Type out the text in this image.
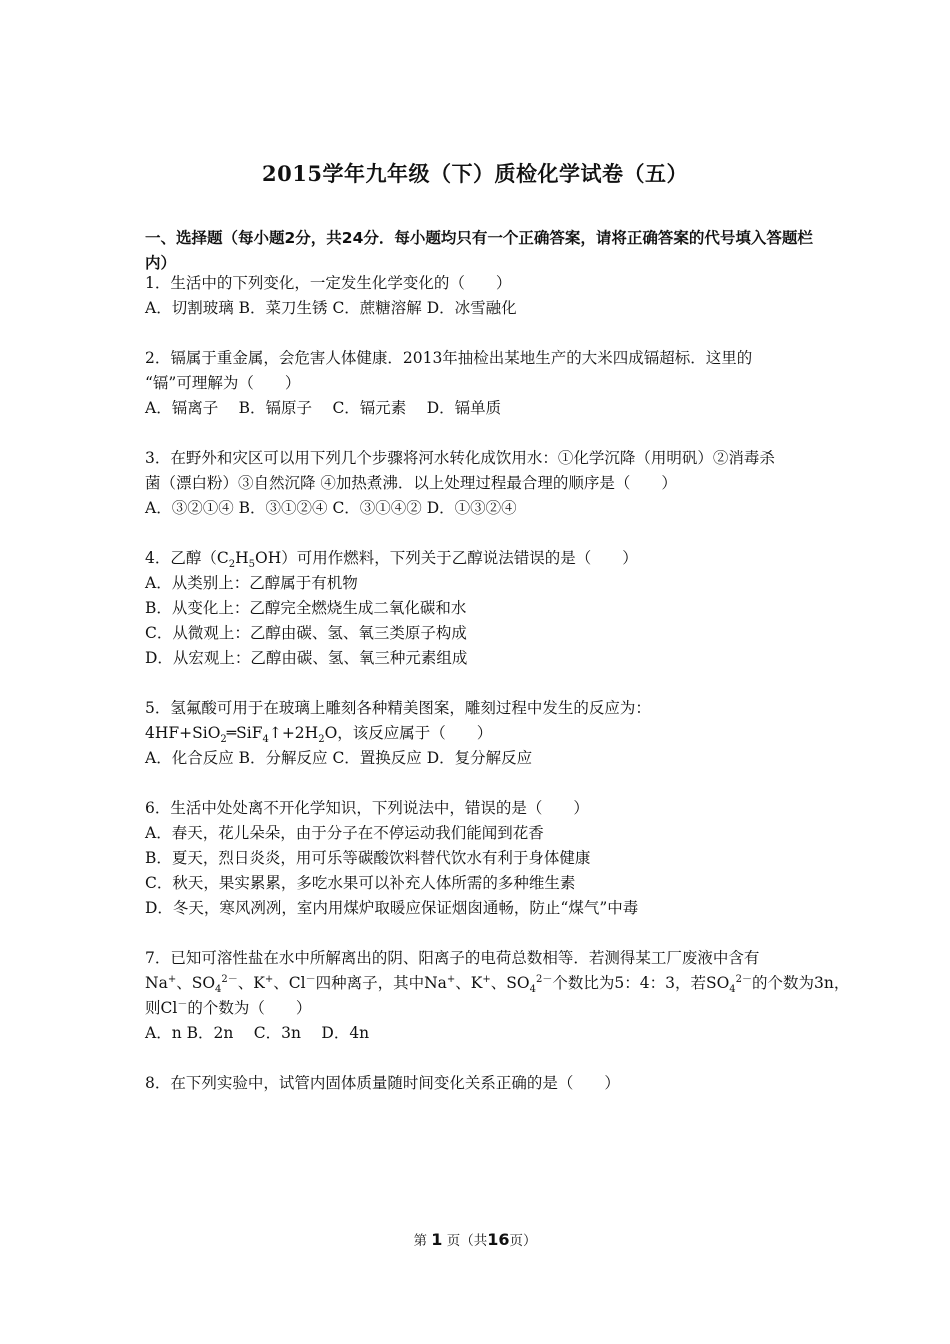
2015学年九年级（下）质检化学试卷（五）
一、选择题（每小题2分，共24分．每小题均只有一个正确答案，请将正确答案的代号填入答题栏内）
1．生活中的下列变化，一定发生化学变化的（　　）
A．切割玻璃 B．菜刀生锈 C．蔗糖溶解 D．冰雪融化
2．镉属于重金属，会危害人体健康．2013年抽检出某地生产的大米四成镉超标．这里的
“镉”可理解为（　　）
A．镉离子　 B．镉原子　 C．镉元素　 D．镉单质
3．在野外和灾区可以用下列几个步骤将河水转化成饮用水：①化学沉降（用明矾）②消毒杀
菌（漂白粉）③自然沉降 ④加热煮沸．以上处理过程最合理的顺序是（　　）
A．③②①④ B．③①②④ C．③①④② D．①③②④
4．乙醇$(C_2H_5OH)$可用作燃料，下列关于乙醇说法错误的是（　　）
A．从类别上：乙醇属于有机物
B．从变化上：乙醇完全燃烧生成二氧化碳和水
C．从微观上：乙醇由碳、氢、氧三类原子构成
D．从宏观上：乙醇由碳、氢、氧三种元素组成
5．氢氟酸可用于在玻璃上雕刻各种精美图案，雕刻过程中发生的反应为：
$4HF+SiO_2═SiF_4↑+2H_2O$，该反应属于（　　）
A．化合反应 B．分解反应 C．置换反应 D．复分解反应
6．生活中处处离不开化学知识，下列说法中，错误的是（　　）
A．春天，花儿朵朵，由于分子在不停运动我们能闻到花香
B．夏天，烈日炎炎，用可乐等碳酸饮料替代饮水有利于身体健康
C．秋天，果实累累，多吃水果可以补充人体所需的多种维生素
D．冬天，寒风冽冽，室内用煤炉取暖应保证烟囱通畅，防止“煤气”中毒
7．已知可溶性盐在水中所解离出的阴、阳离子的电荷总数相等．若测得某工厂废液中含有
Na+、$SO_4^{2-}$、K+、Cl－四种离子，其中Na+、K+、$SO_4^{2-}$个数比为5：4：3，若$SO_4^{2-}$的个数为3n，
则Cl－的个数为（　　）
A．n B．2n　 C．3n　 D．4n
8．在下列实验中，试管内固体质量随时间变化关系正确的是（　　）
第 1 页（共16页）
